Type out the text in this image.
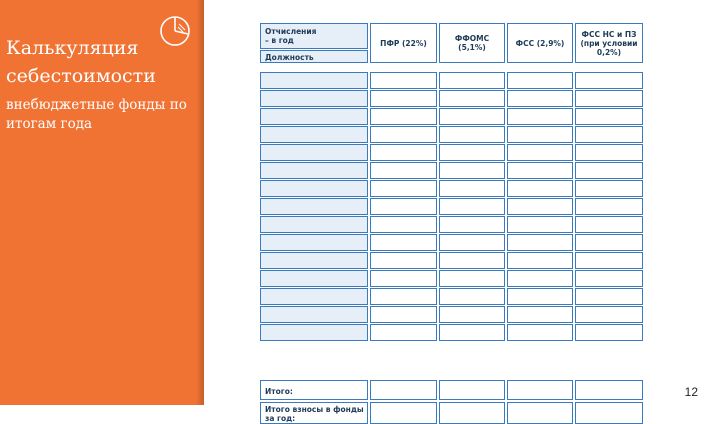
Калькуляция себестоимости

внебюджетные фонды по итогам года

Отчисления
– в год
Должность
ПФР (22%)	ФФОМС (5,1%)	ФСС (2,9%)
ФСС НС и ПЗ
(при условии
0,2%)
Итого:
Итого взносы в фонды за год:
12
